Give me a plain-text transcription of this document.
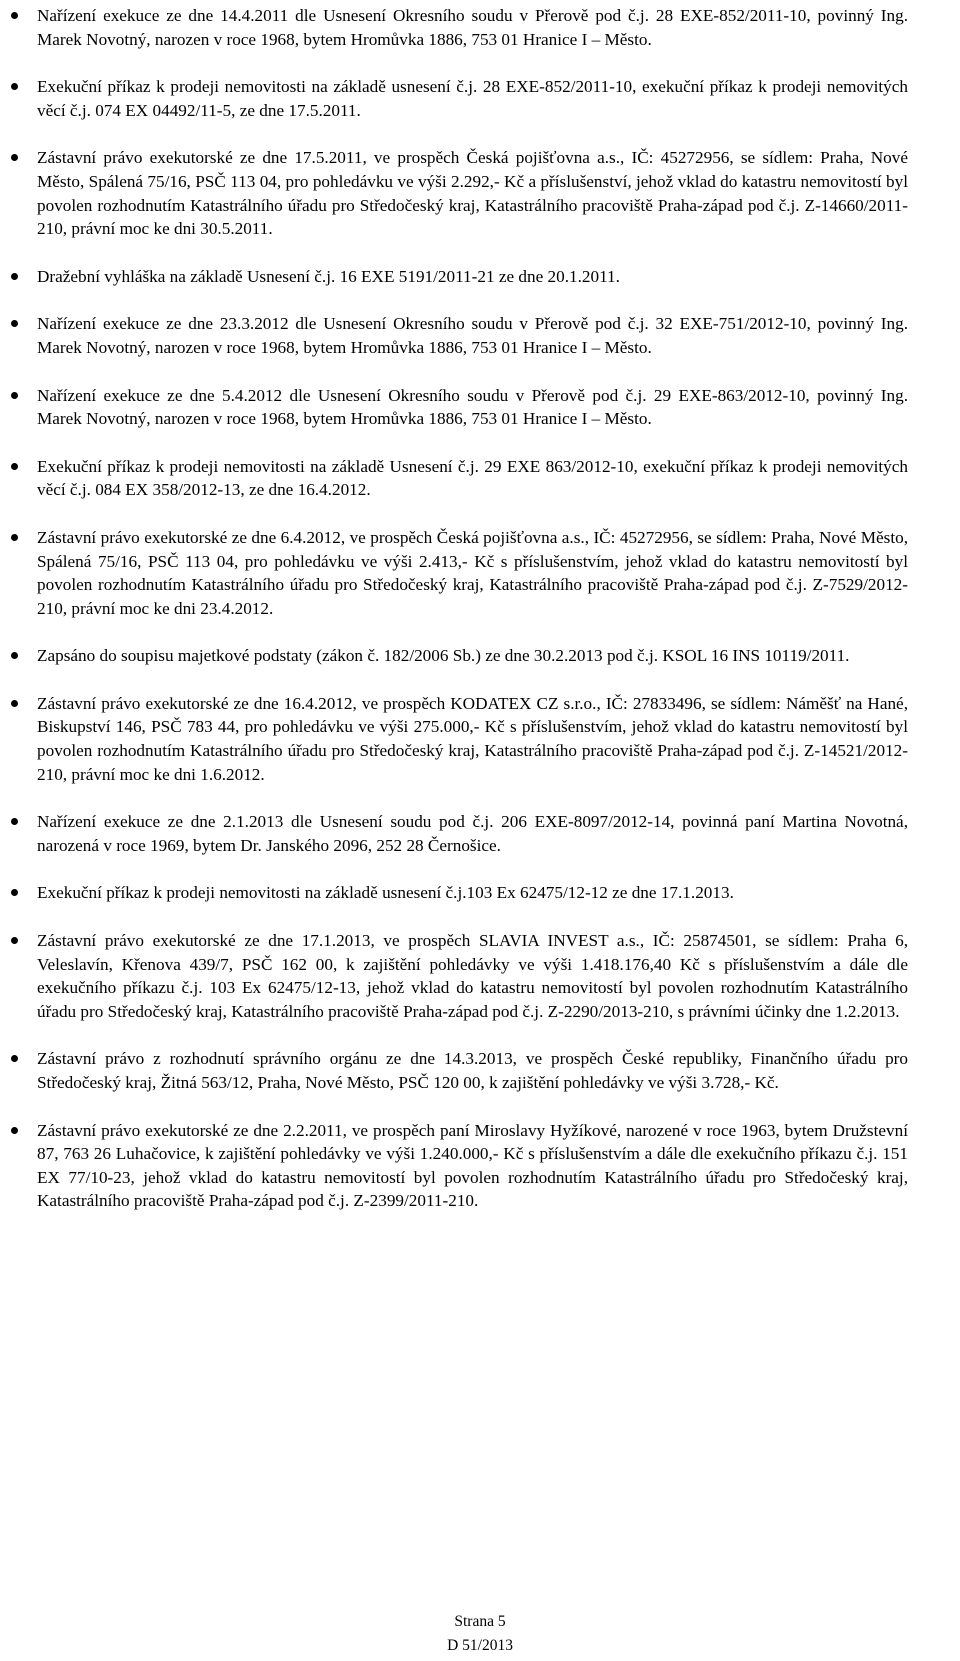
Nařízení exekuce ze dne 14.4.2011 dle Usnesení Okresního soudu v Přerově pod č.j. 28 EXE-852/2011-10, povinný Ing. Marek Novotný, narozen v roce 1968, bytem Hromůvka 1886, 753 01 Hranice I – Město.
Exekuční příkaz k prodeji nemovitosti na základě usnesení č.j. 28 EXE-852/2011-10, exekuční příkaz k prodeji nemovitých věcí č.j. 074 EX 04492/11-5, ze dne 17.5.2011.
Zástavní právo exekutorské ze dne 17.5.2011, ve prospěch Česká pojišťovna a.s., IČ: 45272956, se sídlem: Praha, Nové Město, Spálená 75/16, PSČ 113 04, pro pohledávku ve výši 2.292,- Kč a příslušenství, jehož vklad do katastru nemovitostí byl povolen rozhodnutím Katastrálního úřadu pro Středočeský kraj, Katastrálního pracoviště Praha-západ pod č.j. Z-14660/2011-210, právní moc ke dni 30.5.2011.
Dražební vyhláška na základě Usnesení č.j. 16 EXE 5191/2011-21 ze dne 20.1.2011.
Nařízení exekuce ze dne 23.3.2012 dle Usnesení Okresního soudu v Přerově pod č.j. 32 EXE-751/2012-10, povinný Ing. Marek Novotný, narozen v roce 1968, bytem Hromůvka 1886, 753 01 Hranice I – Město.
Nařízení exekuce ze dne 5.4.2012 dle Usnesení Okresního soudu v Přerově pod č.j. 29 EXE-863/2012-10, povinný Ing. Marek Novotný, narozen v roce 1968, bytem Hromůvka 1886, 753 01 Hranice I – Město.
Exekuční příkaz k prodeji nemovitosti na základě Usnesení č.j. 29 EXE 863/2012-10, exekuční příkaz k prodeji nemovitých věcí č.j. 084 EX 358/2012-13, ze dne 16.4.2012.
Zástavní právo exekutorské ze dne 6.4.2012, ve prospěch Česká pojišťovna a.s., IČ: 45272956, se sídlem: Praha, Nové Město, Spálená 75/16, PSČ 113 04, pro pohledávku ve výši 2.413,- Kč s příslušenstvím, jehož vklad do katastru nemovitostí byl povolen rozhodnutím Katastrálního úřadu pro Středočeský kraj, Katastrálního pracoviště Praha-západ pod č.j. Z-7529/2012-210, právní moc ke dni 23.4.2012.
Zapsáno do soupisu majetkové podstaty (zákon č. 182/2006 Sb.) ze dne 30.2.2013 pod č.j. KSOL 16 INS 10119/2011.
Zástavní právo exekutorské ze dne 16.4.2012, ve prospěch KODATEX CZ s.r.o., IČ: 27833496, se sídlem: Náměšť na Hané, Biskupství 146, PSČ 783 44, pro pohledávku ve výši 275.000,- Kč s příslušenstvím, jehož vklad do katastru nemovitostí byl povolen rozhodnutím Katastrálního úřadu pro Středočeský kraj, Katastrálního pracoviště Praha-západ pod č.j. Z-14521/2012-210, právní moc ke dni 1.6.2012.
Nařízení exekuce ze dne 2.1.2013 dle Usnesení soudu pod č.j. 206 EXE-8097/2012-14, povinná paní Martina Novotná, narozená v roce 1969, bytem Dr. Janského 2096, 252 28 Černošice.
Exekuční příkaz k prodeji nemovitosti na základě usnesení č.j.103 Ex 62475/12-12 ze dne 17.1.2013.
Zástavní právo exekutorské ze dne 17.1.2013, ve prospěch SLAVIA INVEST a.s., IČ: 25874501, se sídlem: Praha 6, Veleslavín, Křenova 439/7, PSČ 162 00, k zajištění pohledávky ve výši 1.418.176,40 Kč s příslušenstvím a dále dle exekučního příkazu č.j. 103 Ex 62475/12-13, jehož vklad do katastru nemovitostí byl povolen rozhodnutím Katastrálního úřadu pro Středočeský kraj, Katastrálního pracoviště Praha-západ pod č.j. Z-2290/2013-210, s právními účinky dne 1.2.2013.
Zástavní právo z rozhodnutí správního orgánu ze dne 14.3.2013, ve prospěch České republiky, Finančního úřadu pro Středočeský kraj, Žitná 563/12, Praha, Nové Město, PSČ 120 00, k zajištění pohledávky ve výši 3.728,- Kč.
Zástavní právo exekutorské ze dne 2.2.2011, ve prospěch paní Miroslavy Hyžíkové, narozené v roce 1963, bytem Družstevní 87, 763 26 Luhačovice, k zajištění pohledávky ve výši 1.240.000,- Kč s příslušenstvím a dále dle exekučního příkazu č.j. 151 EX 77/10-23, jehož vklad do katastru nemovitostí byl povolen rozhodnutím Katastrálního úřadu pro Středočeský kraj, Katastrálního pracoviště Praha-západ pod č.j. Z-2399/2011-210.
Strana 5
D 51/2013
